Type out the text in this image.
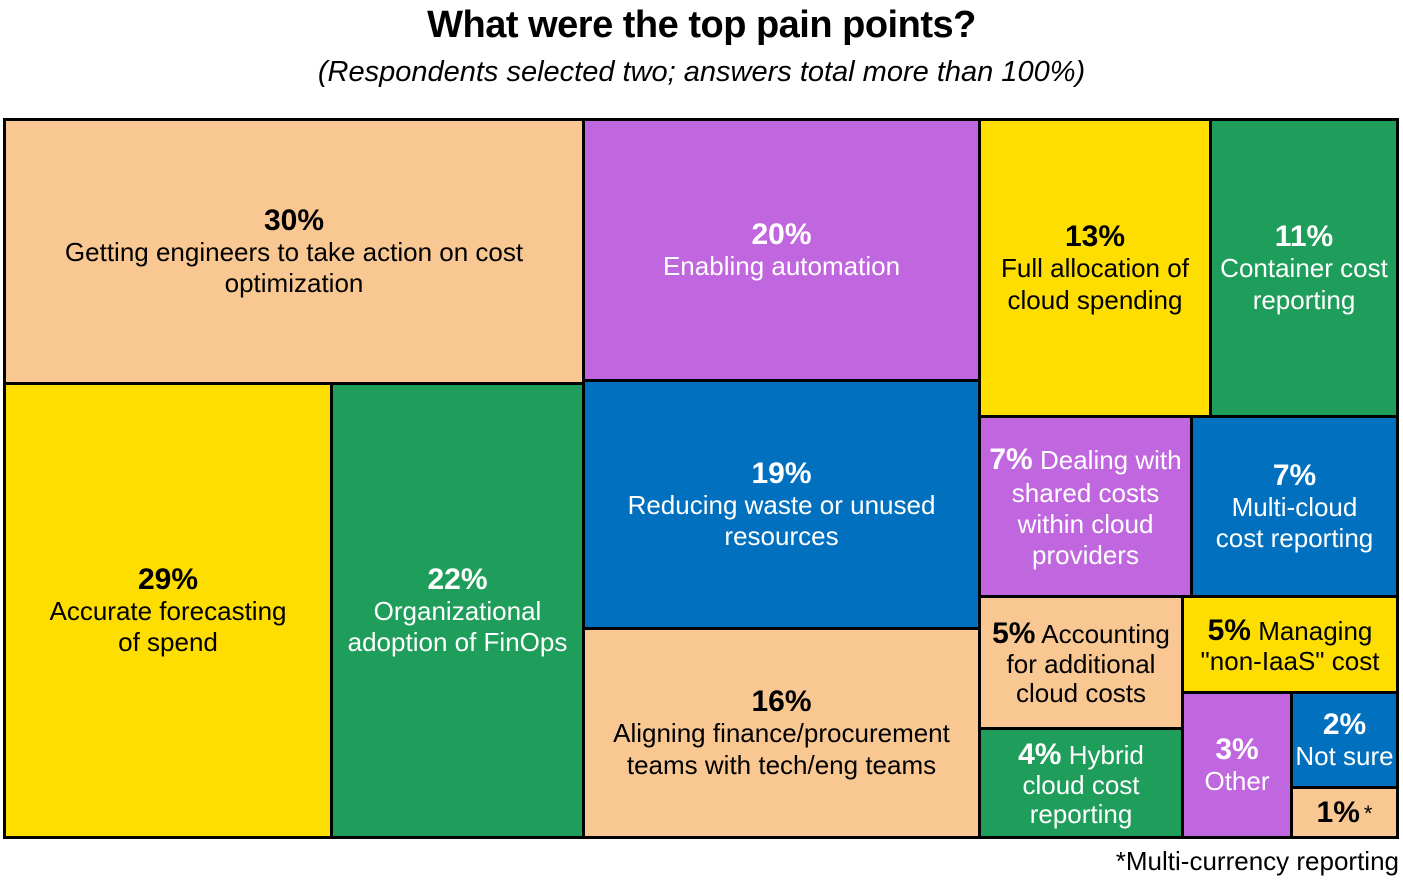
What were the top pain points?
(Respondents selected two; answers total more than 100%)
30%
Getting engineers to take action on cost optimization
29%
Accurate forecasting of spend
22%
Organizational adoption of FinOps
20%
Enabling automation
19%
Reducing waste or unused resources
16%
Aligning finance/procurement teams with tech/eng teams
13%
Full allocation of cloud spending
11%
Container cost reporting
7% Dealing with shared costs within cloud providers
7%
Multi-cloud cost reporting
5% Accounting for additional cloud costs
5% Managing "non-IaaS" cost
4% Hybrid cloud cost reporting
3%
Other
2%
Not sure
1% *
*Multi-currency reporting
